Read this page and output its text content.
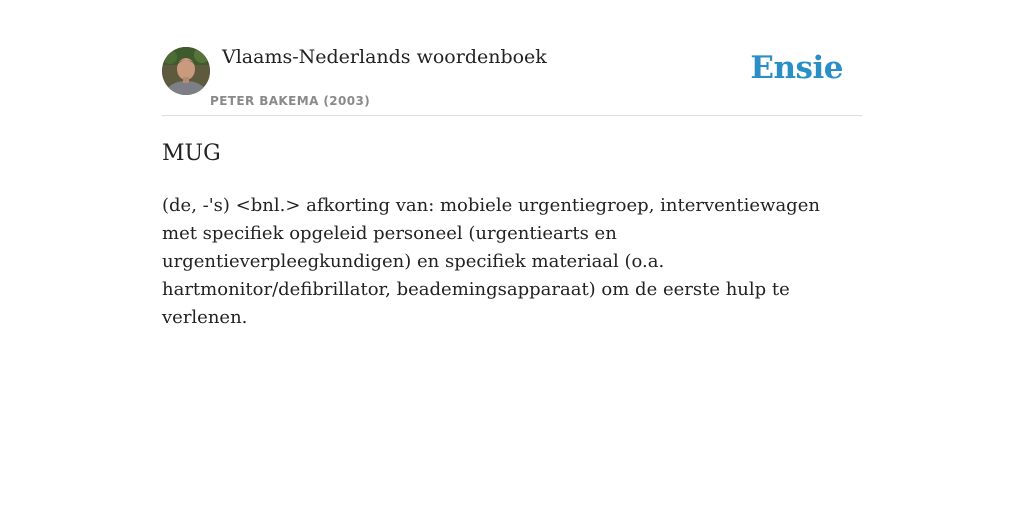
Vlaams-Nederlands woordenboek
PETER BAKEMA (2003)
Ensie
MUG
(de, -'s) <bnl.> afkorting van: mobiele urgentiegroep, interventiewagen met specifiek opgeleid personeel (urgentiearts en urgentieverpleegkundigen) en specifiek materiaal (o.a. hartmonitor/defibrillator, beademingsapparaat) om de eerste hulp te verlenen.
